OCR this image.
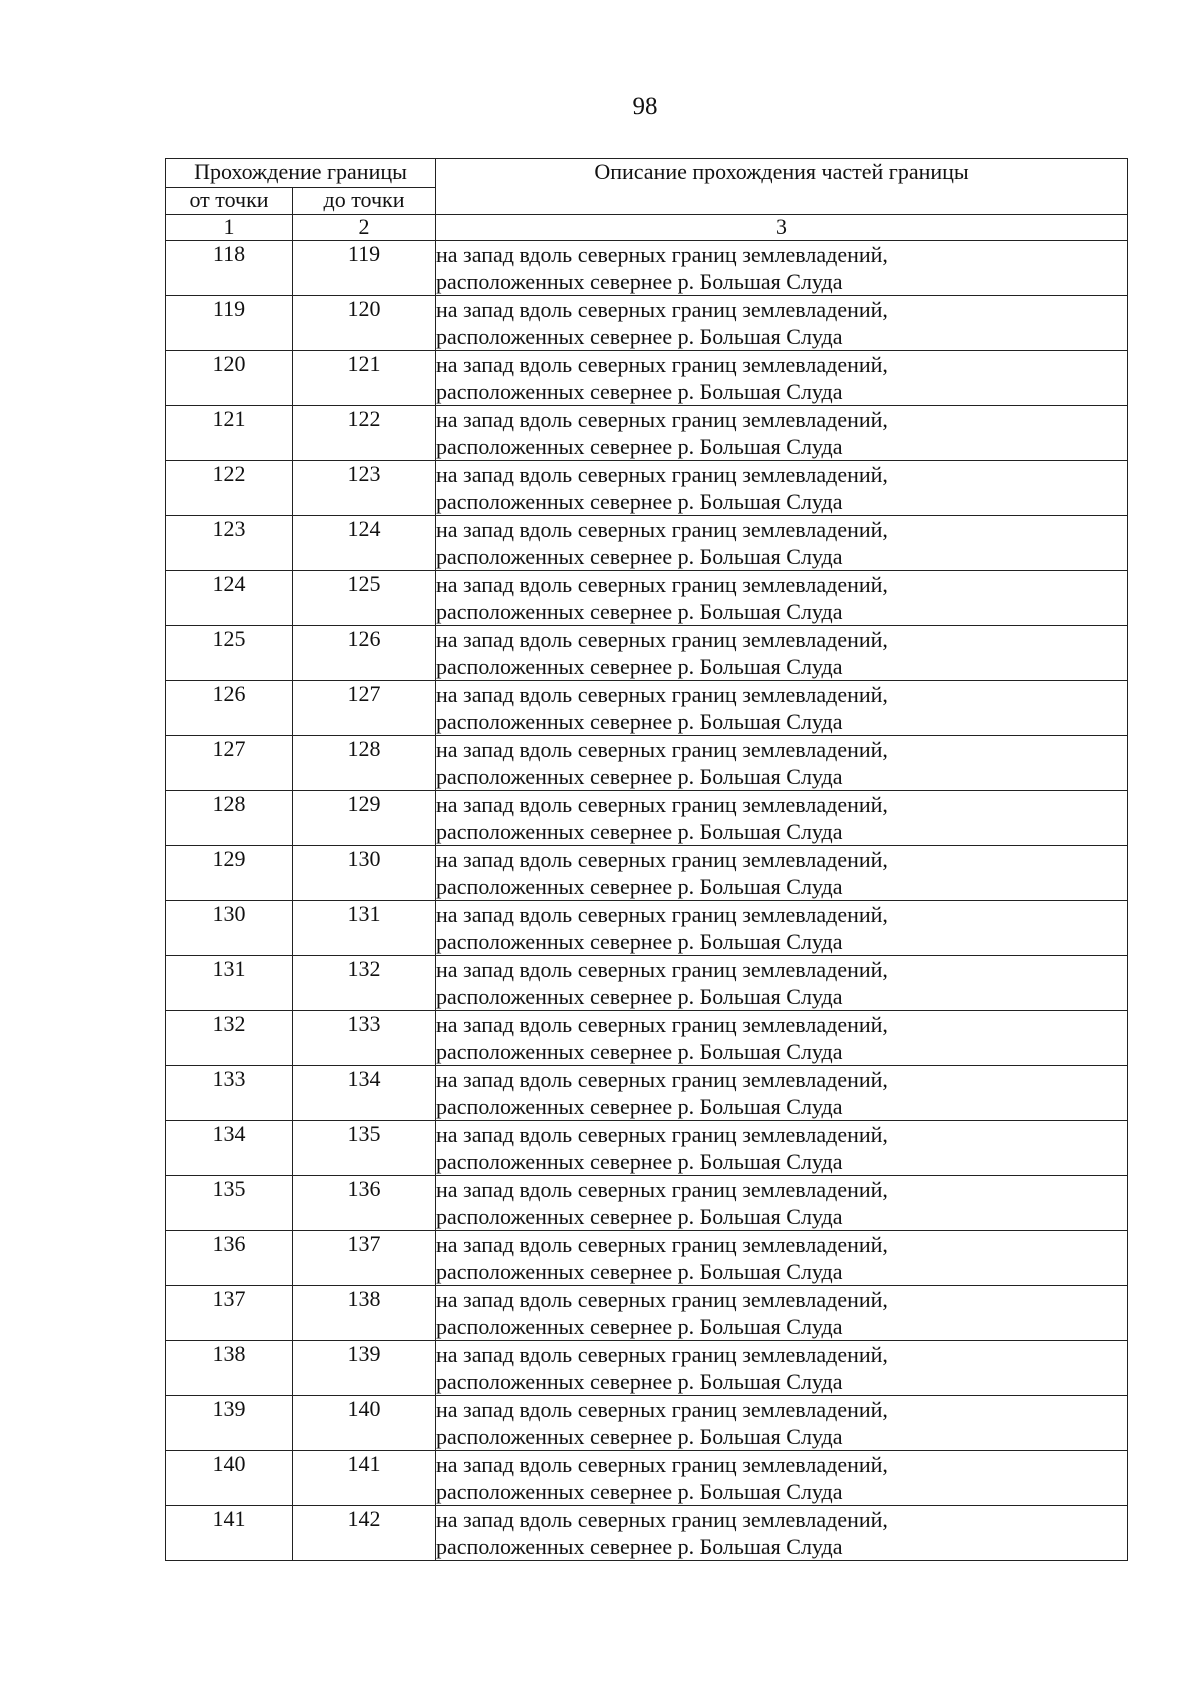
98
Прохождение границы		Описание прохождения частей границы
от точки	до точки	
1	2	3
118	119	на запад вдоль северных границ землевладений,
расположенных севернее р. Большая Слуда

119	120	на запад вдоль северных границ землевладений,
расположенных севернее р. Большая Слуда

120	121	на запад вдоль северных границ землевладений,
расположенных севернее р. Большая Слуда

121	122	на запад вдоль северных границ землевладений,
расположенных севернее р. Большая Слуда

122	123	на запад вдоль северных границ землевладений,
расположенных севернее р. Большая Слуда

123	124	на запад вдоль северных границ землевладений,
расположенных севернее р. Большая Слуда

124	125	на запад вдоль северных границ землевладений,
расположенных севернее р. Большая Слуда

125	126	на запад вдоль северных границ землевладений,
расположенных севернее р. Большая Слуда

126	127	на запад вдоль северных границ землевладений,
расположенных севернее р. Большая Слуда

127	128	на запад вдоль северных границ землевладений,
расположенных севернее р. Большая Слуда

128	129	на запад вдоль северных границ землевладений,
расположенных севернее р. Большая Слуда

129	130	на запад вдоль северных границ землевладений,
расположенных севернее р. Большая Слуда

130	131	на запад вдоль северных границ землевладений,
расположенных севернее р. Большая Слуда

131	132	на запад вдоль северных границ землевладений,
расположенных севернее р. Большая Слуда

132	133	на запад вдоль северных границ землевладений,
расположенных севернее р. Большая Слуда

133	134	на запад вдоль северных границ землевладений,
расположенных севернее р. Большая Слуда

134	135	на запад вдоль северных границ землевладений,
расположенных севернее р. Большая Слуда

135	136	на запад вдоль северных границ землевладений,
расположенных севернее р. Большая Слуда

136	137	на запад вдоль северных границ землевладений,
расположенных севернее р. Большая Слуда

137	138	на запад вдоль северных границ землевладений,
расположенных севернее р. Большая Слуда

138	139	на запад вдоль северных границ землевладений,
расположенных севернее р. Большая Слуда

139	140	на запад вдоль северных границ землевладений,
расположенных севернее р. Большая Слуда

140	141	на запад вдоль северных границ землевладений,
расположенных севернее р. Большая Слуда

141	142	на запад вдоль северных границ землевладений,
расположенных севернее р. Большая Слуда
